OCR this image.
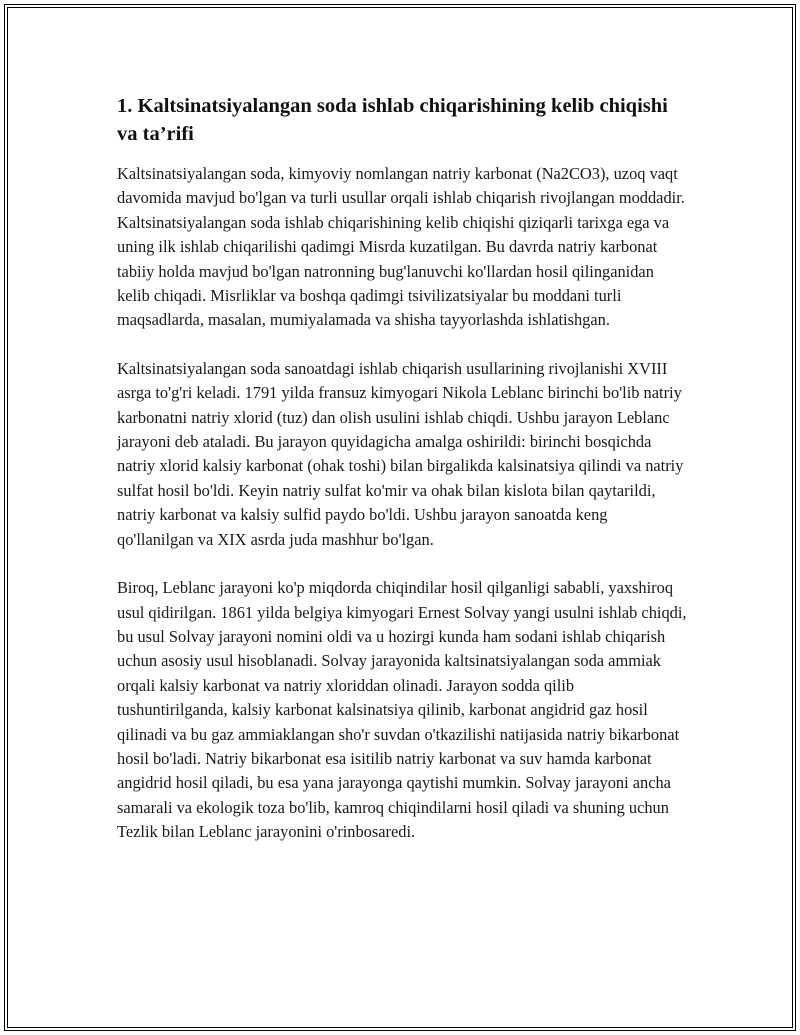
1. Kaltsinatsiyalangan soda ishlab chiqarishining kelib chiqishi va ta’rifi

Kaltsinatsiyalangan soda, kimyoviy nomlangan natriy karbonat (Na2CO3), uzoq vaqt davomida mavjud bo'lgan va turli usullar orqali ishlab chiqarish rivojlangan moddadir. Kaltsinatsiyalangan soda ishlab chiqarishining kelib chiqishi qiziqarli tarixga ega va uning ilk ishlab chiqarilishi qadimgi Misrda kuzatilgan. Bu davrda natriy karbonat tabiiy holda mavjud bo'lgan natronning bug'lanuvchi ko'llardan hosil qilinganidan kelib chiqadi. Misrliklar va boshqa qadimgi tsivilizatsiyalar bu moddani turli maqsadlarda, masalan, mumiyalamada va shisha tayyorlashda ishlatishgan.

Kaltsinatsiyalangan soda sanoatdagi ishlab chiqarish usullarining rivojlanishi XVIII asrga to'g'ri keladi. 1791 yilda fransuz kimyogari Nikola Leblanc birinchi bo'lib natriy karbonatni natriy xlorid (tuz) dan olish usulini ishlab chiqdi. Ushbu jarayon Leblanc jarayoni deb ataladi. Bu jarayon quyidagicha amalga oshirildi: birinchi bosqichda natriy xlorid kalsiy karbonat (ohak toshi) bilan birgalikda kalsinatsiya qilindi va natriy sulfat hosil bo'ldi. Keyin natriy sulfat ko'mir va ohak bilan kislota bilan qaytarildi, natriy karbonat va kalsiy sulfid paydo bo'ldi. Ushbu jarayon sanoatda keng qo'llanilgan va XIX asrda juda mashhur bo'lgan.

Biroq, Leblanc jarayoni ko'p miqdorda chiqindilar hosil qilganligi sababli, yaxshiroq usul qidirilgan. 1861 yilda belgiya kimyogari Ernest Solvay yangi usulni ishlab chiqdi, bu usul Solvay jarayoni nomini oldi va u hozirgi kunda ham sodani ishlab chiqarish uchun asosiy usul hisoblanadi. Solvay jarayonida kaltsinatsiyalangan soda ammiak orqali kalsiy karbonat va natriy xloriddan olinadi. Jarayon sodda qilib tushuntirilganda, kalsiy karbonat kalsinatsiya qilinib, karbonat angidrid gaz hosil qilinadi va bu gaz ammiaklangan sho'r suvdan o'tkazilishi natijasida natriy bikarbonat hosil bo'ladi. Natriy bikarbonat esa isitilib natriy karbonat va suv hamda karbonat angidrid hosil qiladi, bu esa yana jarayonga qaytishi mumkin. Solvay jarayoni ancha samarali va ekologik toza bo'lib, kamroq chiqindilarni hosil qiladi va shuning uchun Tezlik bilan Leblanc jarayonini o'rinbosaredi.
